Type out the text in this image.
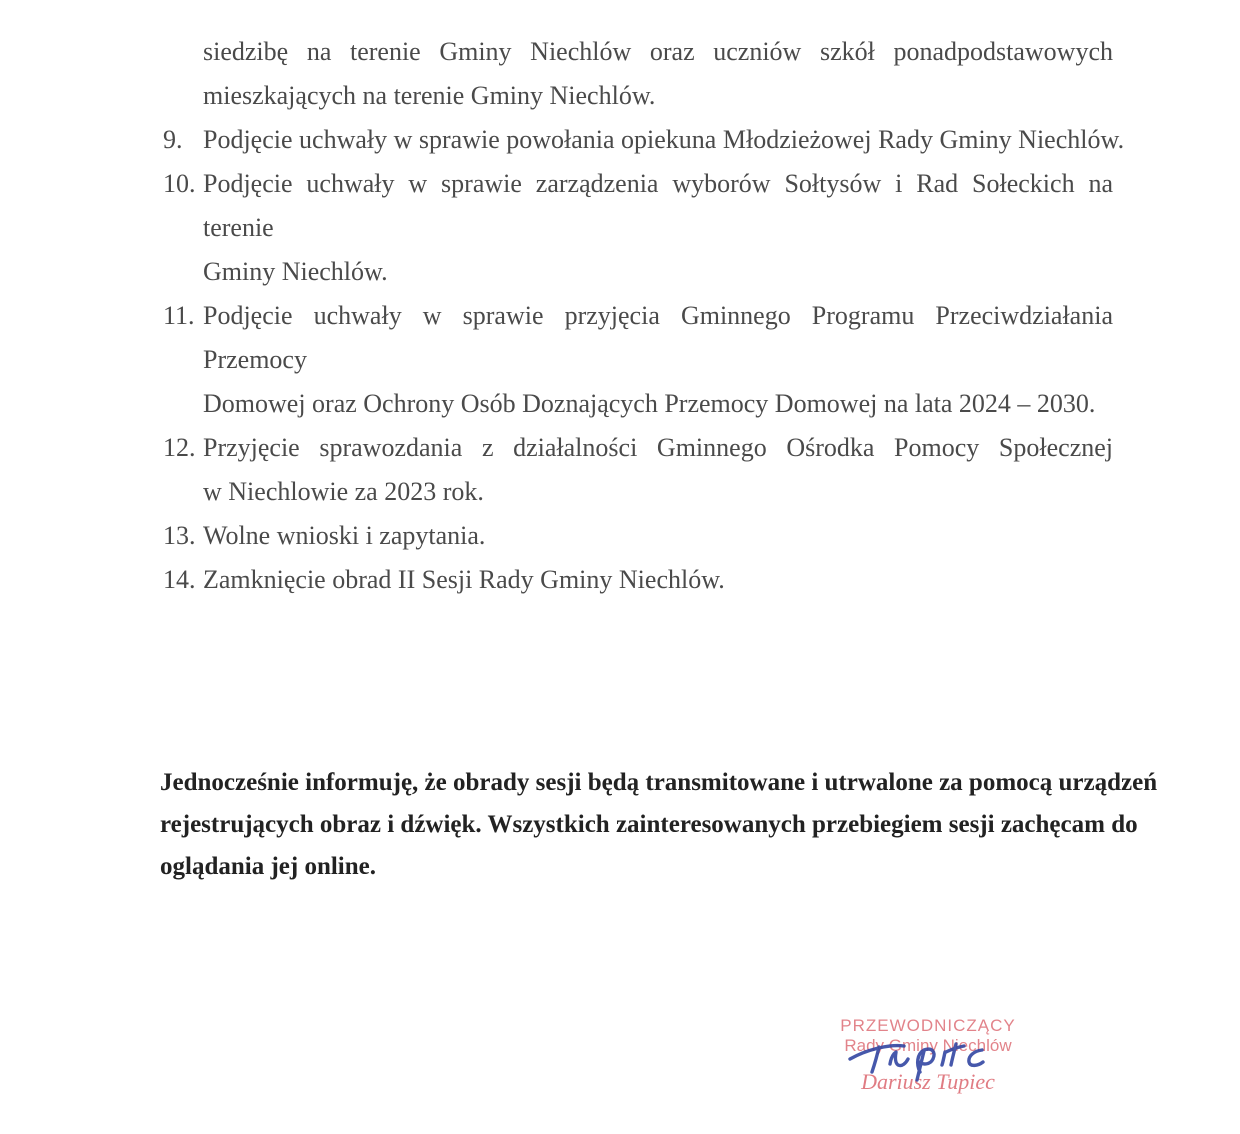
siedzibę na terenie Gminy Niechlów oraz uczniów szkół ponadpodstawowych
mieszkających na terenie Gminy Niechlów.
9. Podjęcie uchwały w sprawie powołania opiekuna Młodzieżowej Rady Gminy Niechlów.
10. Podjęcie uchwały w sprawie zarządzenia wyborów Sołtysów i Rad Sołeckich na terenie
Gminy Niechlów.
11. Podjęcie uchwały w sprawie przyjęcia Gminnego Programu Przeciwdziałania Przemocy
Domowej oraz Ochrony Osób Doznających Przemocy Domowej na lata 2024 – 2030.
12. Przyjęcie sprawozdania z działalności Gminnego Ośrodka Pomocy Społecznej
w Niechlowie za 2023 rok.
13. Wolne wnioski i zapytania.
14. Zamknięcie obrad II Sesji Rady Gminy Niechlów.
Jednocześnie informuję, że obrady sesji będą transmitowane i utrwalone za pomocą urządzeń
rejestrujących obraz i dźwięk. Wszystkich zainteresowanych przebiegiem sesji zachęcam do
oglądania jej online.
PRZEWODNICZĄCY
Rady Gminy Niechlów
Dariusz Tupiec
